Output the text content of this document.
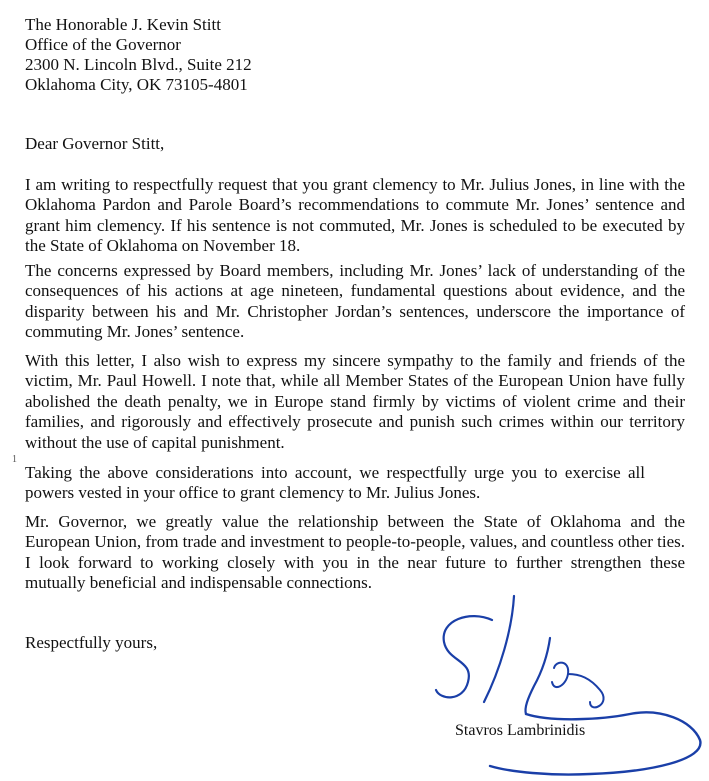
The Honorable J. Kevin Stitt
Office of the Governor
2300 N. Lincoln Blvd., Suite 212
Oklahoma City, OK 73105-4801
Dear Governor Stitt,

I am writing to respectfully request that you grant clemency to Mr. Julius Jones, in line with the Oklahoma Pardon and Parole Board’s recommendations to commute Mr. Jones’ sentence and grant him clemency. If his sentence is not commuted, Mr. Jones is scheduled to be executed by the State of Oklahoma on November 18.

The concerns expressed by Board members, including Mr. Jones’ lack of understanding of the consequences of his actions at age nineteen, fundamental questions about evidence, and the disparity between his and Mr. Christopher Jordan’s sentences, underscore the importance of commuting Mr. Jones’ sentence.

With this letter, I also wish to express my sincere sympathy to the family and friends of the victim, Mr. Paul Howell. I note that, while all Member States of the European Union have fully abolished the death penalty, we in Europe stand firmly by victims of violent crime and their families, and rigorously and effectively prosecute and punish such crimes within our territory without the use of capital punishment.

1

Taking the above considerations into account, we respectfully urge you to exercise all powers vested in your office to grant clemency to Mr. Julius Jones.

Mr. Governor, we greatly value the relationship between the State of Oklahoma and the European Union, from trade and investment to people-to-people, values, and countless other ties. I look forward to working closely with you in the near future to further strengthen these mutually beneficial and indispensable connections.

Respectfully yours,
Stavros Lambrinidis
